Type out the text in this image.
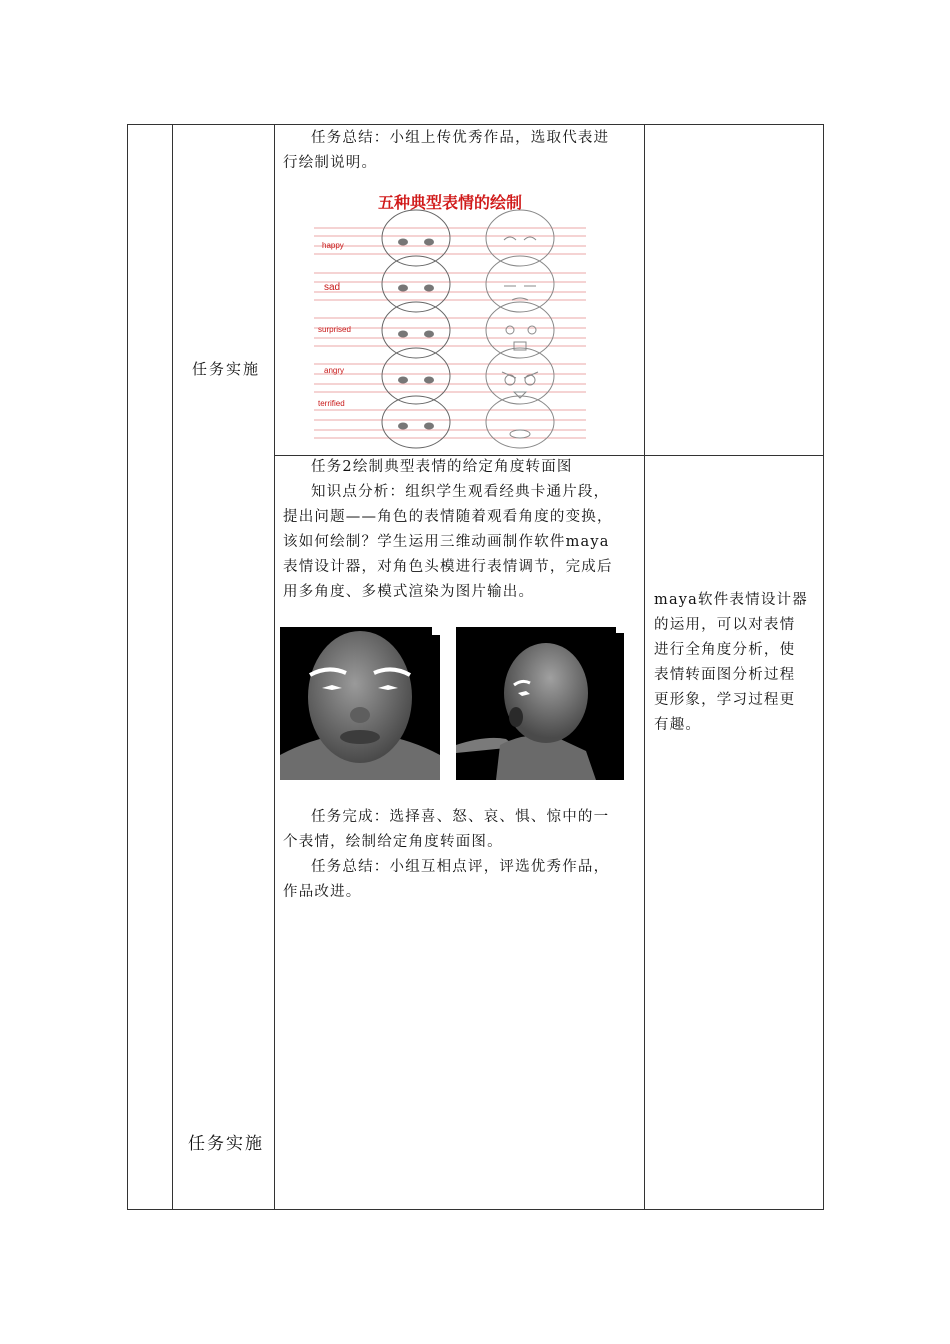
任务实施
任务实施
任务总结：小组上传优秀作品，选取代表进
行绘制说明。
五种典型表情的绘制
happy
sad
surprised
angry
terrified
任务2绘制典型表情的给定角度转面图
知识点分析：组织学生观看经典卡通片段，
提出问题——角色的表情随着观看角度的变换，
该如何绘制？学生运用三维动画制作软件maya
表情设计器，对角色头模进行表情调节，完成后
用多角度、多模式渲染为图片输出。
任务完成：选择喜、怒、哀、惧、惊中的一
个表情，绘制给定角度转面图。
任务总结：小组互相点评，评选优秀作品，
作品改进。
maya软件表情设计器
的运用，可以对表情
进行全角度分析，使
表情转面图分析过程
更形象，学习过程更
有趣。
